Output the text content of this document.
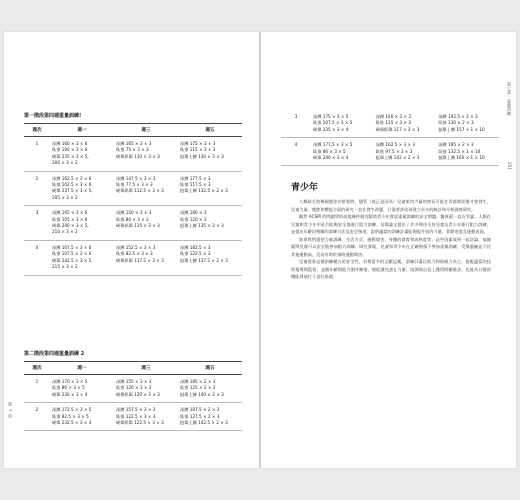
第一階段第四週重量訓練!
週次	週一	週三	週五
1	深蹲 160 × 3 × 6
臥推 100 × 3 × 6
硬舉 235 × 3 × 5,
200 × 3 × 2	深蹲 165 × 3 × 3
臥推 75 × 3 × 3
硬舉抓舉 110 × 3 × 3	深蹲 175 × 3 × 3
臥推 115 × 3 × 3
挺舉上膊 130 × 2 × 3

2	深蹲 162.5 × 3 × 6
臥推 102.5 × 3 × 6
硬舉 237.5 × 3 × 5,
205 × 3 × 2	深蹲 147.5 × 3 × 3
臥推 77.5 × 3 × 3
硬舉抓舉 112.5 × 3 × 3	深蹲 177.5 × 3
臥推 117.5 × 3
挺舉上膊 132.5 × 2 × 3

3	深蹲 165 × 3 × 6
臥推 105 × 3 × 6
硬舉 240 × 3 × 5,
210 × 3 × 2	深蹲 150 × 3 × 3
臥推 80 × 3 × 3
硬舉抓舉 115 × 3 × 3	深蹲 180 × 3
臥推 120 × 3
挺舉上膊 135 × 2 × 3

4	深蹲 167.5 × 3 × 6
臥推 107.5 × 3 × 6
硬舉 242.5 × 3 × 5,
215 × 3 × 2	深蹲 152.5 × 3 × 3
臥推 82.5 × 3 × 3
硬舉抓舉 117.5 × 3 × 3	深蹲 182.5 × 3
臥推 122.5 × 3
挺舉上膊 137.5 × 2 × 3
第二階段第四週重量訓練 2
週次	週一	週三	週五
1	深蹲 170 × 3 × 5
臥推 80 × 3 × 5
硬舉 230 × 3 × 4	深蹲 155 × 3 × 3
臥推 120 × 3 × 3
硬舉抓舉 120 × 3 × 3	深蹲 185 × 2 × 3
臥推 125 × 2 × 3
挺舉上膊 140 × 2 × 3

2	深蹲 172.5 × 3 × 5
臥推 82.5 × 3 × 5
硬舉 232.5 × 3 × 4	深蹲 157.5 × 3 × 3
臥推 122.5 × 3 × 3
硬舉抓舉 122.5 × 3 × 3	深蹲 187.5 × 2 × 3
臥推 127.5 × 2 × 3
挺舉上膊 142.5 × 2 × 3
第 × 章
3	深蹲 175 × 3 × 5
臥推 107.5 × 3 × 5
硬舉 235 × 3 × 4	深蹲 160 × 3 × 3
臥推 125 × 3 × 3
硬舉抓舉 117 × 2 × 3	深蹲 192.5 × 2 × 3
臥推 130 × 2 × 3
挺舉上膊 157 × 1 × 10

4	深蹲 177.5 × 3 × 5
臥推 86 × 3 × 5
硬舉 240 × 3 × 4	深蹲 162.5 × 3 × 3
臥推 97.5 × 3 × 3
挺舉上膊 142 × 2 × 3	深蹲 195 × 2 × 3
臥推 132.5 × 1 × 10
挺舉上膊 160 × 1 × 10
青少年

人類缺乏的幾個歷史亦拼裝問，儘管（或正是因為）兒童肌肉力量的增長可能在青春期前後才會發生，兒童力量、肥胖和體能方面的研究一直在發生改變，只需要評估再建立更多的統計和分析調查研究。

顯然 ACSM 的問題學的前提條件個別幫助青少年嘗試重量訓練的安全問題，醫界還一直在爭論，人類在兒童和青少年中是否能夠安全地進行阻力訓練。這篇論文提出了許多理由支持兒童及青少年進行阻力訓練，並提出年齡段相關的訓練方法及安全指南，說明適當的訓練計畫能夠提升肌肉力量、骨骼密度及運動表現。

如果我們還把力量訓練、生活方式、運動傷害、身體的發育和成熟度等，這些因素放到一起討論，毫無疑問兒童可以安全地參加阻力訓練。研究發現，兒童和青少年在正確指導下參加重量訓練，受傷風險並不比其他運動高，反而有助於預防運動傷害。

兒童從事這種訓練模式的安全性，有相當多的文獻記載，訓練計畫以肌力和肌耐力為主，搭配適當的技術指導與監督，並隨年齡與能力循序漸進，便能讓兒童在力量、協調與自信上獲得明顯進步，也能為日後的體能發展打下良好基礎。

第七章 · 重量訓練
251
